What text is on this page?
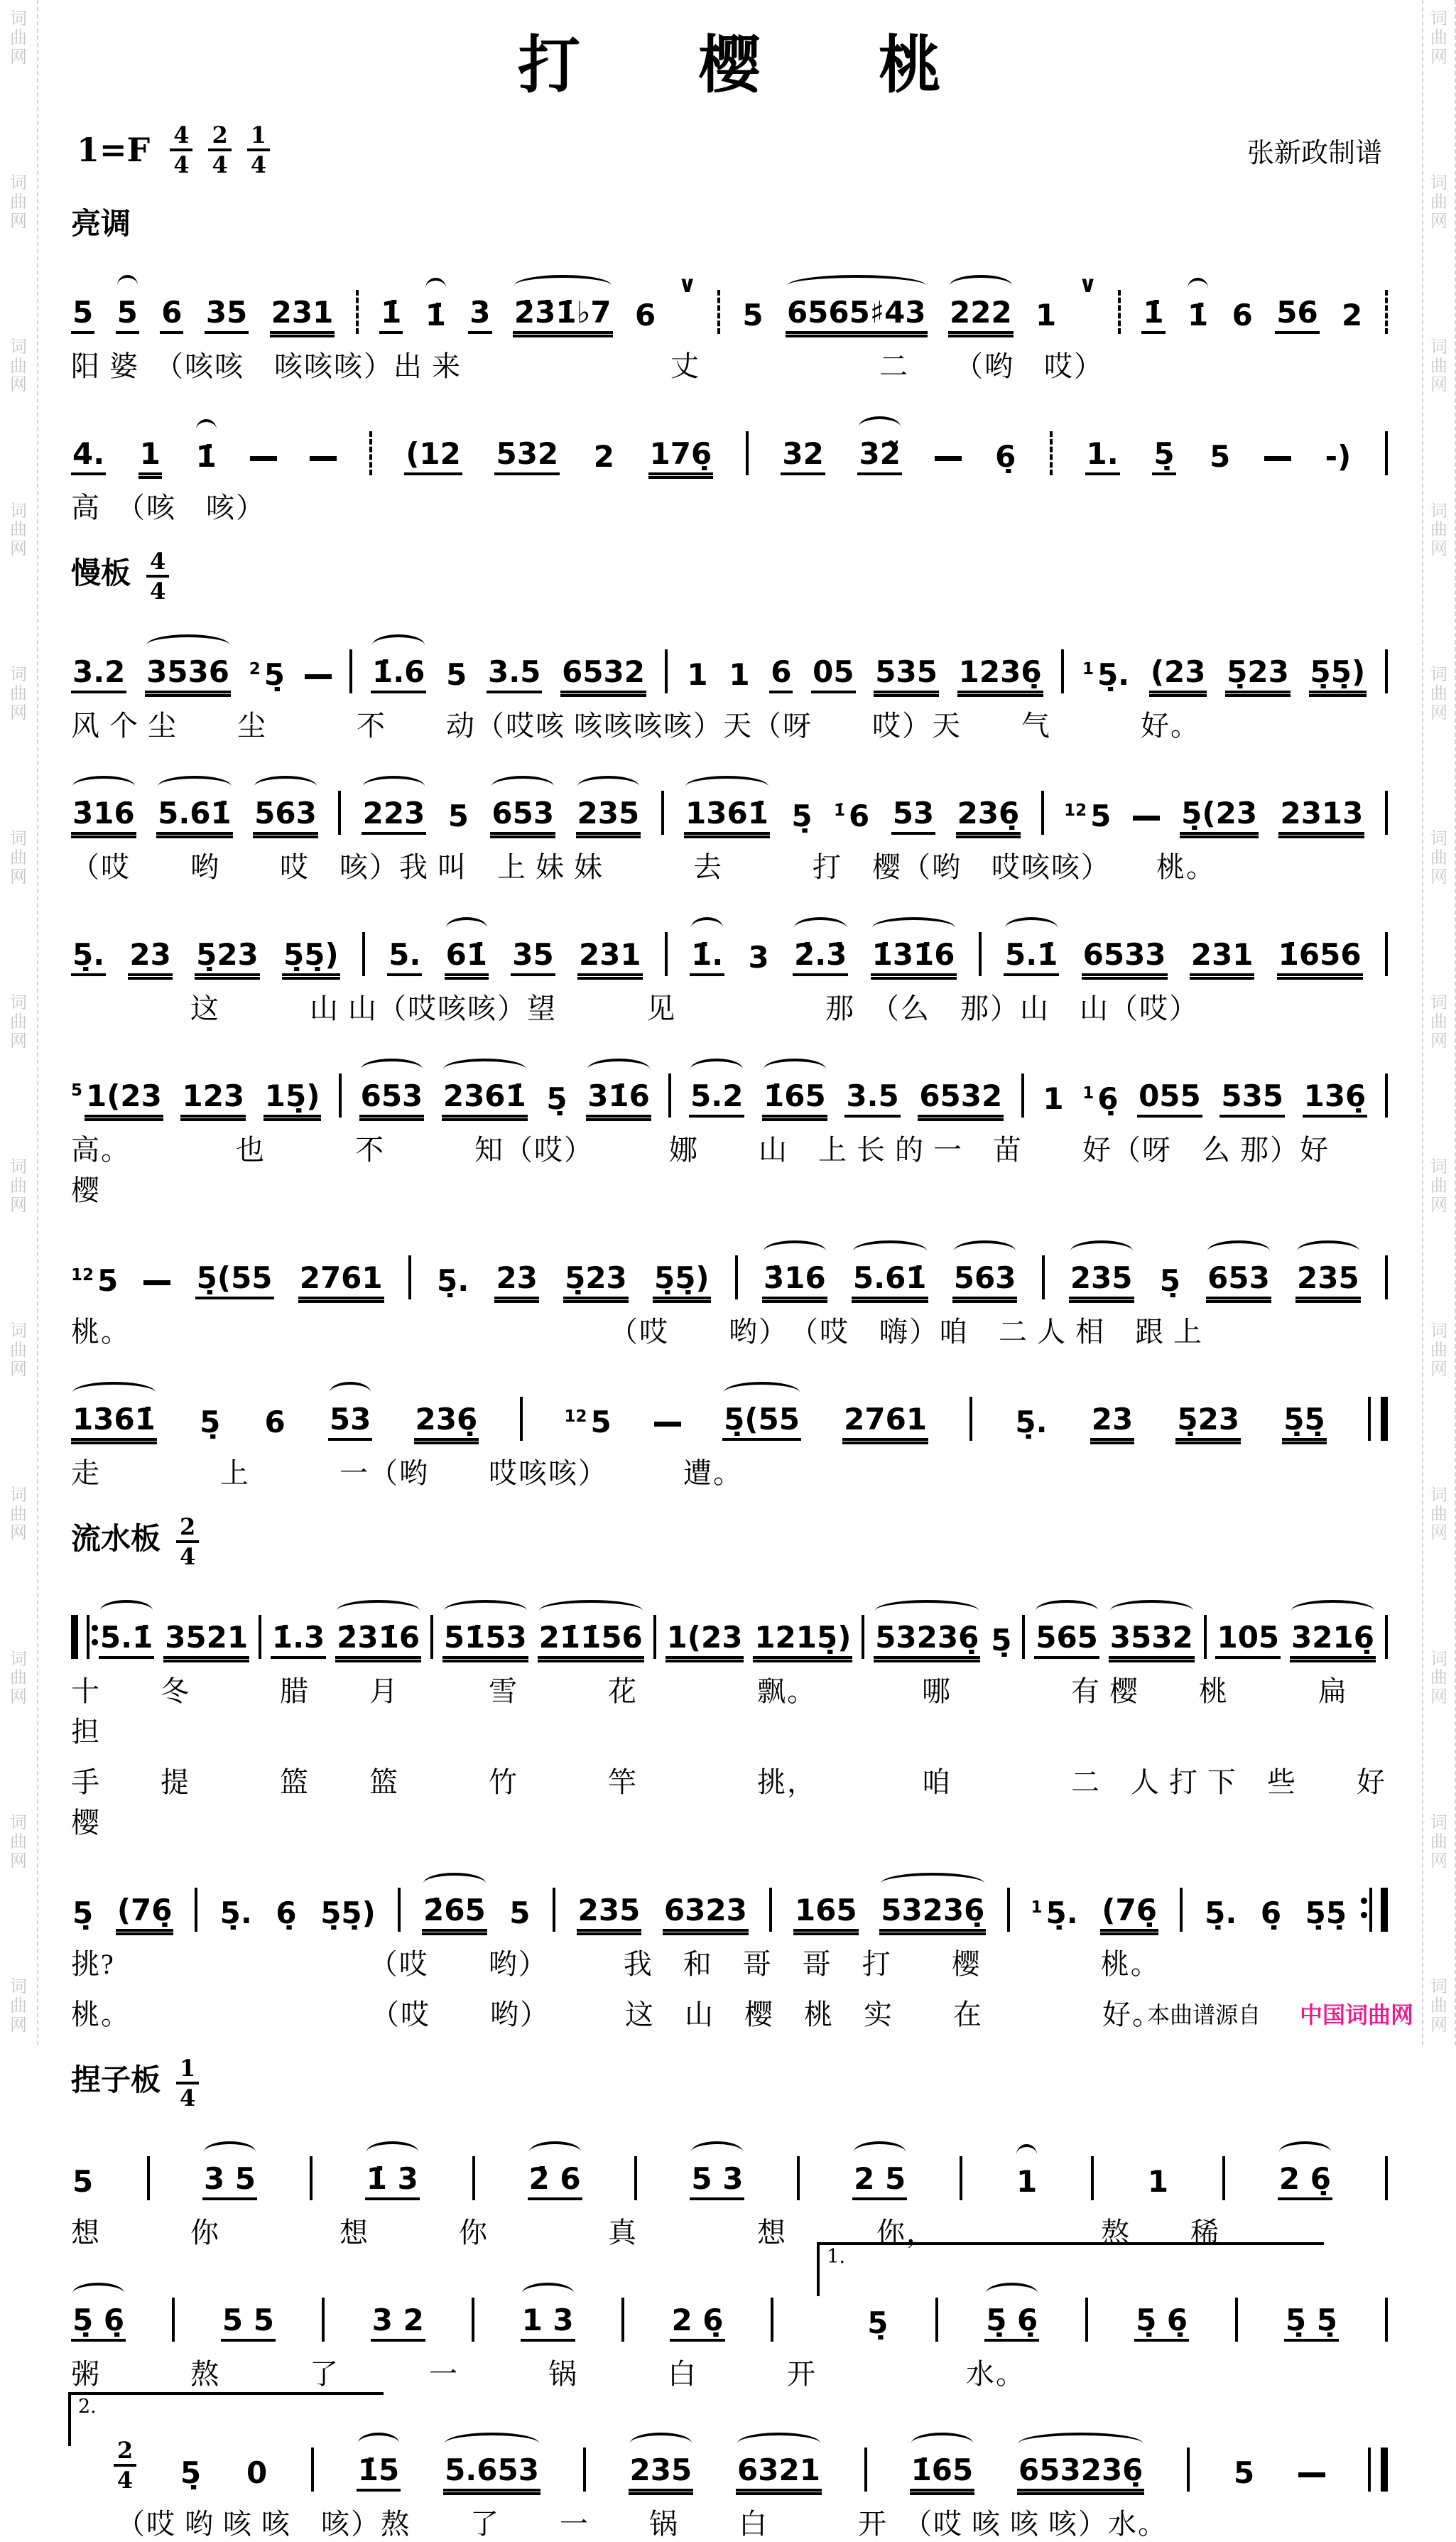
词
曲
网
词
曲
网
词
曲
网
词
曲
网
词
曲
网
词
曲
网
词
曲
网
词
曲
网
词
曲
网
词
曲
网
词
曲
网
词
曲
网
词
曲
网
词
曲
网
词
曲
网
词
曲
网
词
曲
网
词
曲
网
词
曲
网
词
曲
网
词
曲
网
词
曲
网
词
曲
网
词
曲
网
词
曲
网
词
曲
网
打 樱 桃
$1=F \frac{4}{4} \frac{2}{4} \frac{1}{4}$	张新政制谱
亮调
5 5 6 35 231 1̇ 1̇ 3 2̇3̇1̇♭7 6
∨
5 6565♯43 222 1
∨
1̇ 1̇ 6 56 2
阳 婆　（咳咳　咳咳咳）出 来　　　　　　　丈　　　　　　二　　（哟　哎）
4. 1 1̇	(12 532 2 176̣ 32 32̃	6̣ 1. 5̣ 5	-)
高　（咳　咳）
慢板 $\frac{4}{4}$
3.2 3536 $^2$ 5̣	1̇.6 5 3.5 6532 1 1 6 05 535 1236̣ $^1$ 5̣. (23 5̣23 5̣5̣)
风 个 尘　　尘　　　不　　动（哎咳 咳咳咳咳）天（呀　　哎）天　　气　　　好。
3̇16 5.61̇ 563 223 5 653 235 1361̇ 5̣ $^{1̇}$ 6 53 236̣	$^{12}$ 5 5̣(23 2313
（哎　　哟　　哎　咳）我 叫　上 妹 妹　　　去　　　打　樱（哟　哎咳咳）　　桃。
5̣. 23 5̣23 5̣5̣) 5. 61̇ 35 231 1̇. 3 2̇.3̇ 1̇31̇6 5.1̇ 6533 231 1̇656
　　　　这　　　山 山（哎咳咳）望　　　见　　　　　那　（么　那）山　山（哎）
$^5$ 1(23 123 15̣) 653 2361̇ 5̣ 31̇6 5.2 1̇65 3.5 6532 1 $^1$ 6̣ 055 535 136̣
高。　　　　也　　　不　　　知（哎）　　　娜　　山　上 长 的 一　苗　　好（呀　么 那）好　　樱
$^{12}$ 5	5̣(55 2761 5̣. 23 5̣23 5̣5̣) 3̇16 5.61̇ 563 235 5̣ 653 235
桃。　　　　　　　　　　　　　　　　　（哎　　哟）　（哎　嗨）咱　二 人 相　跟 上
1361̇ 5̣ 6 53 236̣	$^{12}$ 5	5̣(55 2761	5̣. 23 5̣23 5̣5̣
走　　　　上　　　一（哟　　哎咳咳）　　　遭。
流水板 $\frac{2}{4}$
5.1̇ 3521 1̇.3 2̇31̇6 51̇53 21̇1̇56 1(23 1215̣) 53236̣ 5̣ 565 3532 105 3216̣
十　　冬　　　腊　　月　　　雪　　　花　　　　飘。　　　　哪　　　　有 樱　　桃　　　扁　　担
手　　提　　　篮　　篮　　　竹　　　竿　　　　挑，　　　　咱　　　　二　人 打 下　些　　好　　樱
5̣ (76̣ 5̣. 6̣ 5̣5̣) 2̇65 5 235 6323 165 53236̣	$^1$ 5̣. (76̣ 5̣. 6̣ 5̣5̣
挑?　　　　　　　　　（哎　　哟）　　　我　和　哥　哥　打　　樱　　　　桃。
桃。　　　　　　　　　（哎　　哟）　　　这　山　樱　桃　实　　在　　　　好。
捏子板 $\frac{1}{4}$
5	3 5	1̇ 3	2̇ 6	5 3	2 5	1	1	2 6̣
想　　　你　　　　想　　　你　　　　真　　　　想　　　你，　　　　　　熬　　稀
5̣ 6̣	5 5	3 2	1 3	2 6̣
1.
5̣	5̣ 6̣	5̣ 6̣	5̣ 5̣
粥　　　熬　　　了　　　一　　　锅　　　白　　　开　　　　　水。
2.
$\frac{2}{4}$ 5̣ 0	1̇5 5.653	235 6321	1̇65 653236̣	5
　　（哎 哟 咳 咳　咳）熬　　了　　一　　锅　　白　　　开　（哎 咳 咳 咳）水。
本曲谱源自 中国词曲网
